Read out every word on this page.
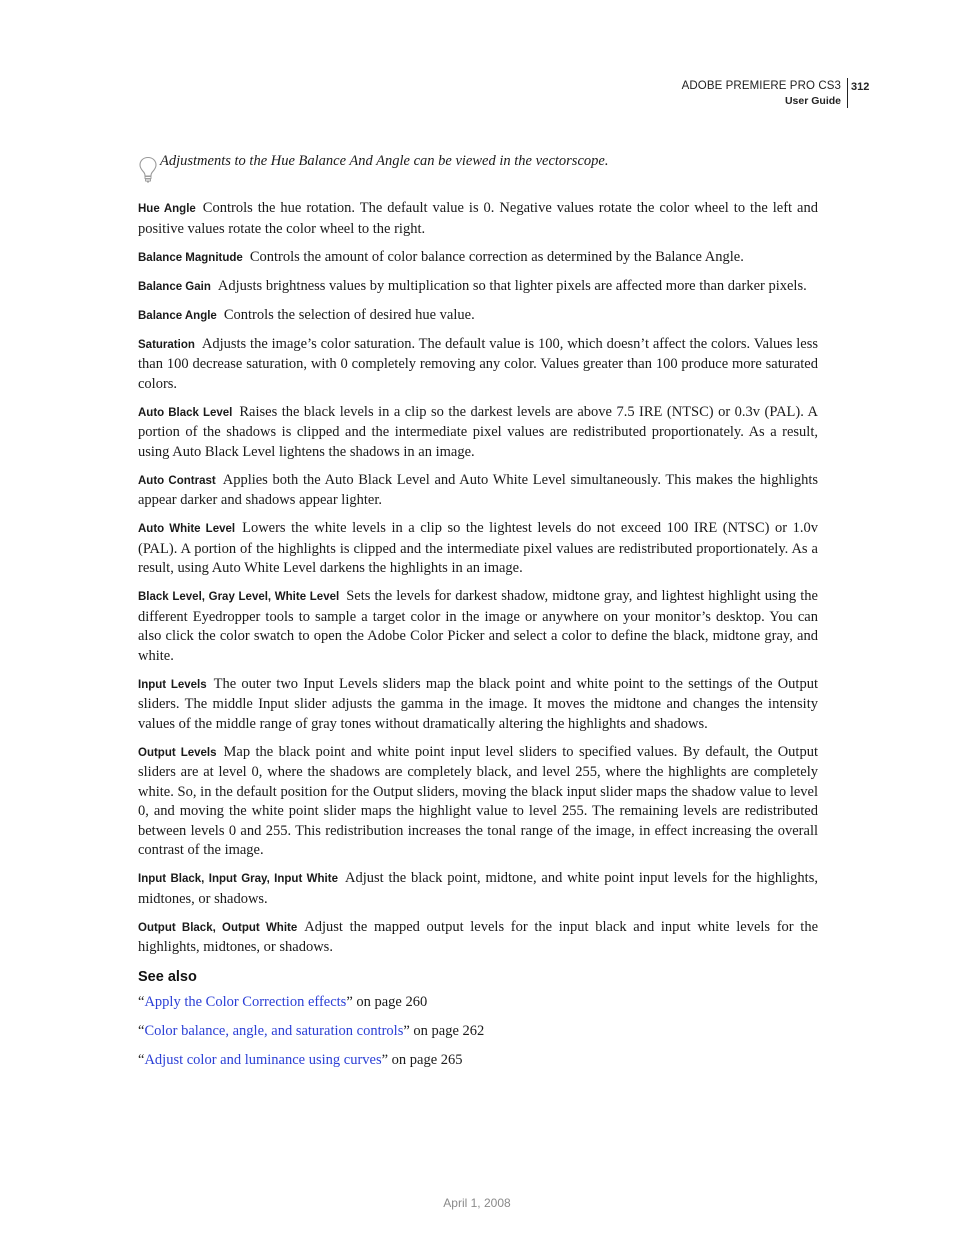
ADOBE PREMIERE PRO CS3
User Guide
312
Adjustments to the Hue Balance And Angle can be viewed in the vectorscope.

Hue Angle Controls the hue rotation. The default value is 0. Negative values rotate the color wheel to the left and positive values rotate the color wheel to the right.

Balance Magnitude Controls the amount of color balance correction as determined by the Balance Angle.

Balance Gain Adjusts brightness values by multiplication so that lighter pixels are affected more than darker pixels.

Balance Angle Controls the selection of desired hue value.

Saturation Adjusts the image’s color saturation. The default value is 100, which doesn’t affect the colors. Values less than 100 decrease saturation, with 0 completely removing any color. Values greater than 100 produce more saturated colors.

Auto Black Level Raises the black levels in a clip so the darkest levels are above 7.5 IRE (NTSC) or 0.3v (PAL). A portion of the shadows is clipped and the intermediate pixel values are redistributed proportionately. As a result, using Auto Black Level lightens the shadows in an image.

Auto Contrast Applies both the Auto Black Level and Auto White Level simultaneously. This makes the highlights appear darker and shadows appear lighter.

Auto White Level Lowers the white levels in a clip so the lightest levels do not exceed 100 IRE (NTSC) or 1.0v (PAL). A portion of the highlights is clipped and the intermediate pixel values are redistributed proportionately. As a result, using Auto White Level darkens the highlights in an image.

Black Level, Gray Level, White Level Sets the levels for darkest shadow, midtone gray, and lightest highlight using the different Eyedropper tools to sample a target color in the image or anywhere on your monitor’s desktop. You can also click the color swatch to open the Adobe Color Picker and select a color to define the black, midtone gray, and white.

Input Levels The outer two Input Levels sliders map the black point and white point to the settings of the Output sliders. The middle Input slider adjusts the gamma in the image. It moves the midtone and changes the intensity values of the middle range of gray tones without dramatically altering the highlights and shadows.

Output Levels Map the black point and white point input level sliders to specified values. By default, the Output sliders are at level 0, where the shadows are completely black, and level 255, where the highlights are completely white. So, in the default position for the Output sliders, moving the black input slider maps the shadow value to level 0, and moving the white point slider maps the highlight value to level 255. The remaining levels are redistributed between levels 0 and 255. This redistribution increases the tonal range of the image, in effect increasing the overall contrast of the image.

Input Black, Input Gray, Input White Adjust the black point, midtone, and white point input levels for the highlights, midtones, or shadows.

Output Black, Output White Adjust the mapped output levels for the input black and input white levels for the highlights, midtones, or shadows.

See also
“Apply the Color Correction effects” on page 260
“Color balance, angle, and saturation controls” on page 262
“Adjust color and luminance using curves” on page 265
April 1, 2008
